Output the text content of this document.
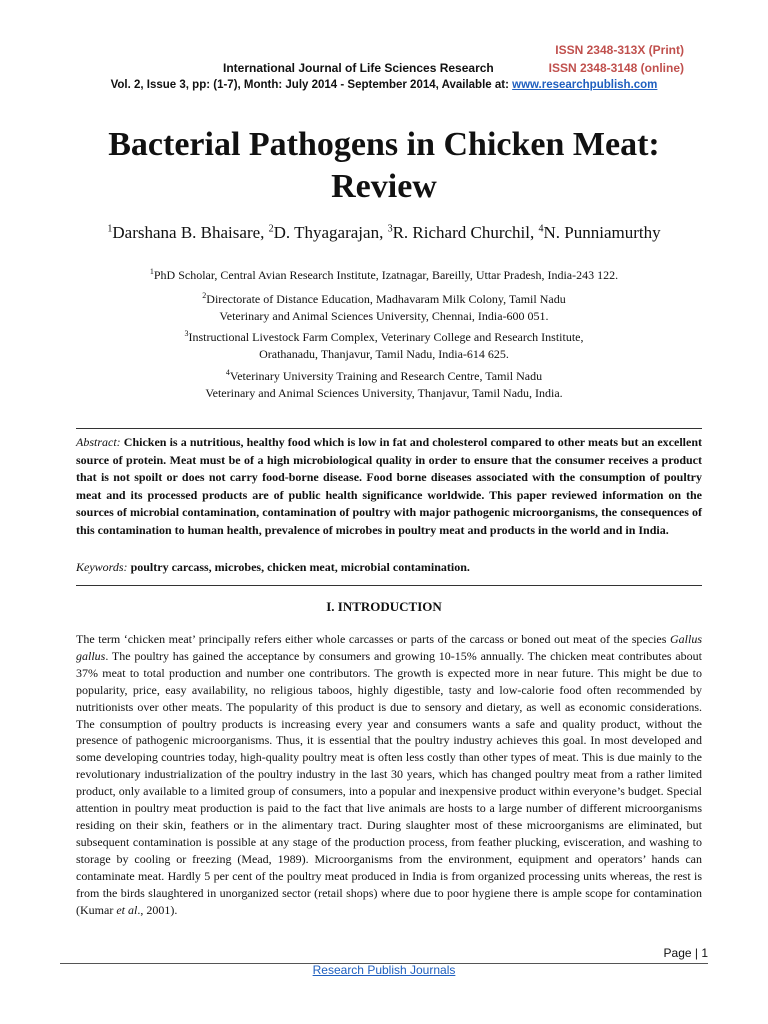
ISSN 2348-313X (Print)
International Journal of Life Sciences Research	ISSN 2348-3148 (online)
Vol. 2, Issue 3, pp: (1-7), Month: July 2014 - September 2014, Available at: www.researchpublish.com
Bacterial Pathogens in Chicken Meat: Review
$^1$Darshana B. Bhaisare, $^2$D. Thyagarajan, $^3$R. Richard Churchil, $^4$N. Punniamurthy
$^1$PhD Scholar, Central Avian Research Institute, Izatnagar, Bareilly, Uttar Pradesh, India-243 122.
$^2$Directorate of Distance Education, Madhavaram Milk Colony, Tamil Nadu
Veterinary and Animal Sciences University, Chennai, India-600 051.
$^3$Instructional Livestock Farm Complex, Veterinary College and Research Institute,
Orathanadu, Thanjavur, Tamil Nadu, India-614 625.
$^4$Veterinary University Training and Research Centre, Tamil Nadu
Veterinary and Animal Sciences University, Thanjavur, Tamil Nadu, India.
Abstract: Chicken is a nutritious, healthy food which is low in fat and cholesterol compared to other meats but an excellent source of protein. Meat must be of a high microbiological quality in order to ensure that the consumer receives a product that is not spoilt or does not carry food-borne disease. Food borne diseases associated with the consumption of poultry meat and its processed products are of public health significance worldwide. This paper reviewed information on the sources of microbial contamination, contamination of poultry with major pathogenic microorganisms, the consequences of this contamination to human health, prevalence of microbes in poultry meat and products in the world and in India.
Keywords: poultry carcass, microbes, chicken meat, microbial contamination.
I. INTRODUCTION
The term ‘chicken meat’ principally refers either whole carcasses or parts of the carcass or boned out meat of the species Gallus gallus. The poultry has gained the acceptance by consumers and growing 10-15% annually. The chicken meat contributes about 37% meat to total production and number one contributors. The growth is expected more in near future. This might be due to popularity, price, easy availability, no religious taboos, highly digestible, tasty and low-calorie food often recommended by nutritionists over other meats. The popularity of this product is due to sensory and dietary, as well as economic considerations. The consumption of poultry products is increasing every year and consumers wants a safe and quality product, without the presence of pathogenic microorganisms. Thus, it is essential that the poultry industry achieves this goal. In most developed and some developing countries today, high-quality poultry meat is often less costly than other types of meat. This is due mainly to the revolutionary industrialization of the poultry industry in the last 30 years, which has changed poultry meat from a rather limited product, only available to a limited group of consumers, into a popular and inexpensive product within everyone’s budget. Special attention in poultry meat production is paid to the fact that live animals are hosts to a large number of different microorganisms residing on their skin, feathers or in the alimentary tract. During slaughter most of these microorganisms are eliminated, but subsequent contamination is possible at any stage of the production process, from feather plucking, evisceration, and washing to storage by cooling or freezing (Mead, 1989). Microorganisms from the environment, equipment and operators’ hands can contaminate meat. Hardly 5 per cent of the poultry meat produced in India is from organized processing units whereas, the rest is from the birds slaughtered in unorganized sector (retail shops) where due to poor hygiene there is ample scope for contamination (Kumar et al., 2001).
Page | 1
Research Publish Journals
